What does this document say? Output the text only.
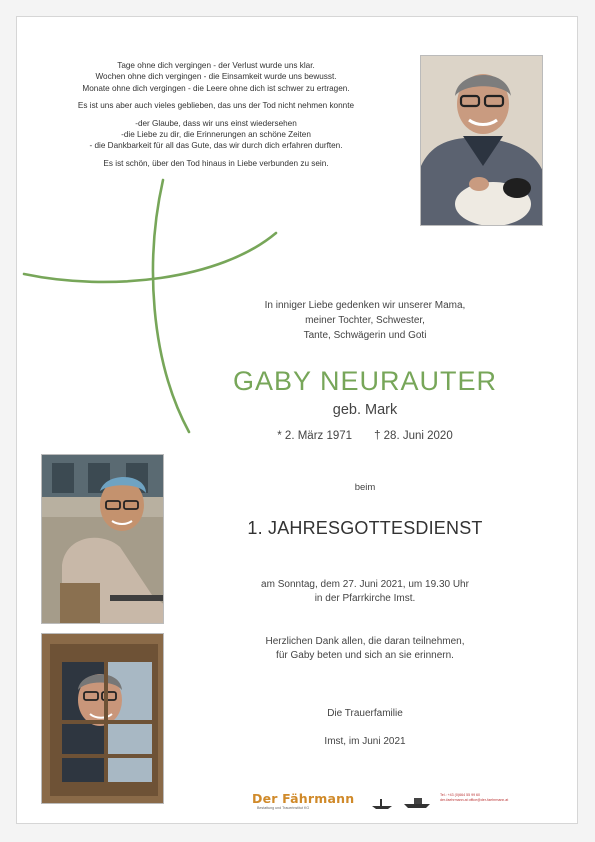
Tage ohne dich vergingen - der Verlust wurde uns klar.
Wochen ohne dich vergingen - die Einsamkeit wurde uns bewusst.
Monate ohne dich vergingen - die Leere ohne dich ist schwer zu ertragen.

Es ist uns aber auch vieles geblieben, das uns der Tod nicht nehmen konnte

-der Glaube, dass wir uns einst wiedersehen
-die Liebe zu dir, die Erinnerungen an schöne Zeiten
- die Dankbarkeit für all das Gute, das wir durch dich erfahren durften.

Es ist schön, über den Tod hinaus in Liebe verbunden zu sein.

In inniger Liebe gedenken wir unserer Mama,
meiner Tochter, Schwester,
Tante, Schwägerin und Goti
GABY NEURAUTER
geb. Mark
* 2. März 1971 † 28. Juni 2020
beim
1. JAHRESGOTTESDIENST
am Sonntag, dem 27. Juni 2021, um 19.30 Uhr
in der Pfarrkirche Imst.
Herzlichen Dank allen, die daran teilnehmen,
für Gaby beten und sich an sie erinnern.
Die Trauerfamilie
Imst, im Juni 2021
Der Fährmann
Bestattung und Trauerinstitut KG
Tel.: +43 (0)664 55 99 60
der-faehrmann.at office@der-faehrmann.at
